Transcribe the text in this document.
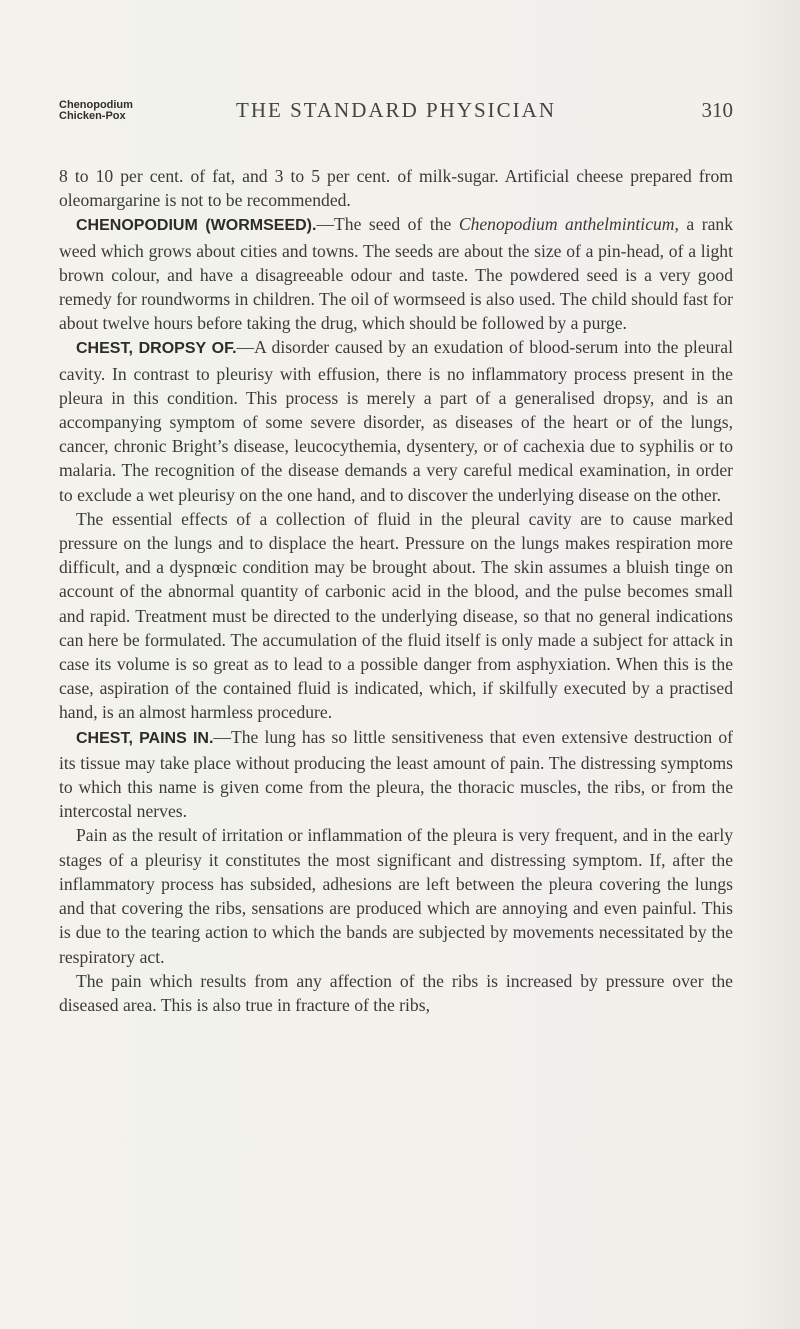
Chenopodium
Chicken-Pox	THE STANDARD PHYSICIAN	310

8 to 10 per cent. of fat, and 3 to 5 per cent. of milk-sugar. Artificial cheese prepared from oleomargarine is not to be recommended.

CHENOPODIUM (WORMSEED).—The seed of the Chenopodium anthelminticum, a rank weed which grows about cities and towns. The seeds are about the size of a pin-head, of a light brown colour, and have a disagreeable odour and taste. The powdered seed is a very good remedy for roundworms in children. The oil of wormseed is also used. The child should fast for about twelve hours before taking the drug, which should be followed by a purge.

CHEST, DROPSY OF.—A disorder caused by an exudation of blood-serum into the pleural cavity. In contrast to pleurisy with effusion, there is no inflammatory process present in the pleura in this condition. This process is merely a part of a generalised dropsy, and is an accompanying symptom of some severe disorder, as diseases of the heart or of the lungs, cancer, chronic Bright’s disease, leucocythemia, dysentery, or of cachexia due to syphilis or to malaria. The recognition of the disease demands a very careful medical examination, in order to exclude a wet pleurisy on the one hand, and to discover the underlying disease on the other.

The essential effects of a collection of fluid in the pleural cavity are to cause marked pressure on the lungs and to displace the heart. Pressure on the lungs makes respiration more difficult, and a dyspnœic condition may be brought about. The skin assumes a bluish tinge on account of the abnormal quantity of carbonic acid in the blood, and the pulse becomes small and rapid. Treatment must be directed to the underlying disease, so that no general indications can here be formulated. The accumulation of the fluid itself is only made a subject for attack in case its volume is so great as to lead to a possible danger from asphyxiation. When this is the case, aspiration of the contained fluid is indicated, which, if skilfully executed by a practised hand, is an almost harmless procedure.

CHEST, PAINS IN.—The lung has so little sensitiveness that even extensive destruction of its tissue may take place without producing the least amount of pain. The distressing symptoms to which this name is given come from the pleura, the thoracic muscles, the ribs, or from the intercostal nerves.

Pain as the result of irritation or inflammation of the pleura is very frequent, and in the early stages of a pleurisy it constitutes the most significant and distressing symptom. If, after the inflammatory process has subsided, adhesions are left between the pleura covering the lungs and that covering the ribs, sensations are produced which are annoying and even painful. This is due to the tearing action to which the bands are subjected by movements necessitated by the respiratory act.

The pain which results from any affection of the ribs is increased by pressure over the diseased area. This is also true in fracture of the ribs,
